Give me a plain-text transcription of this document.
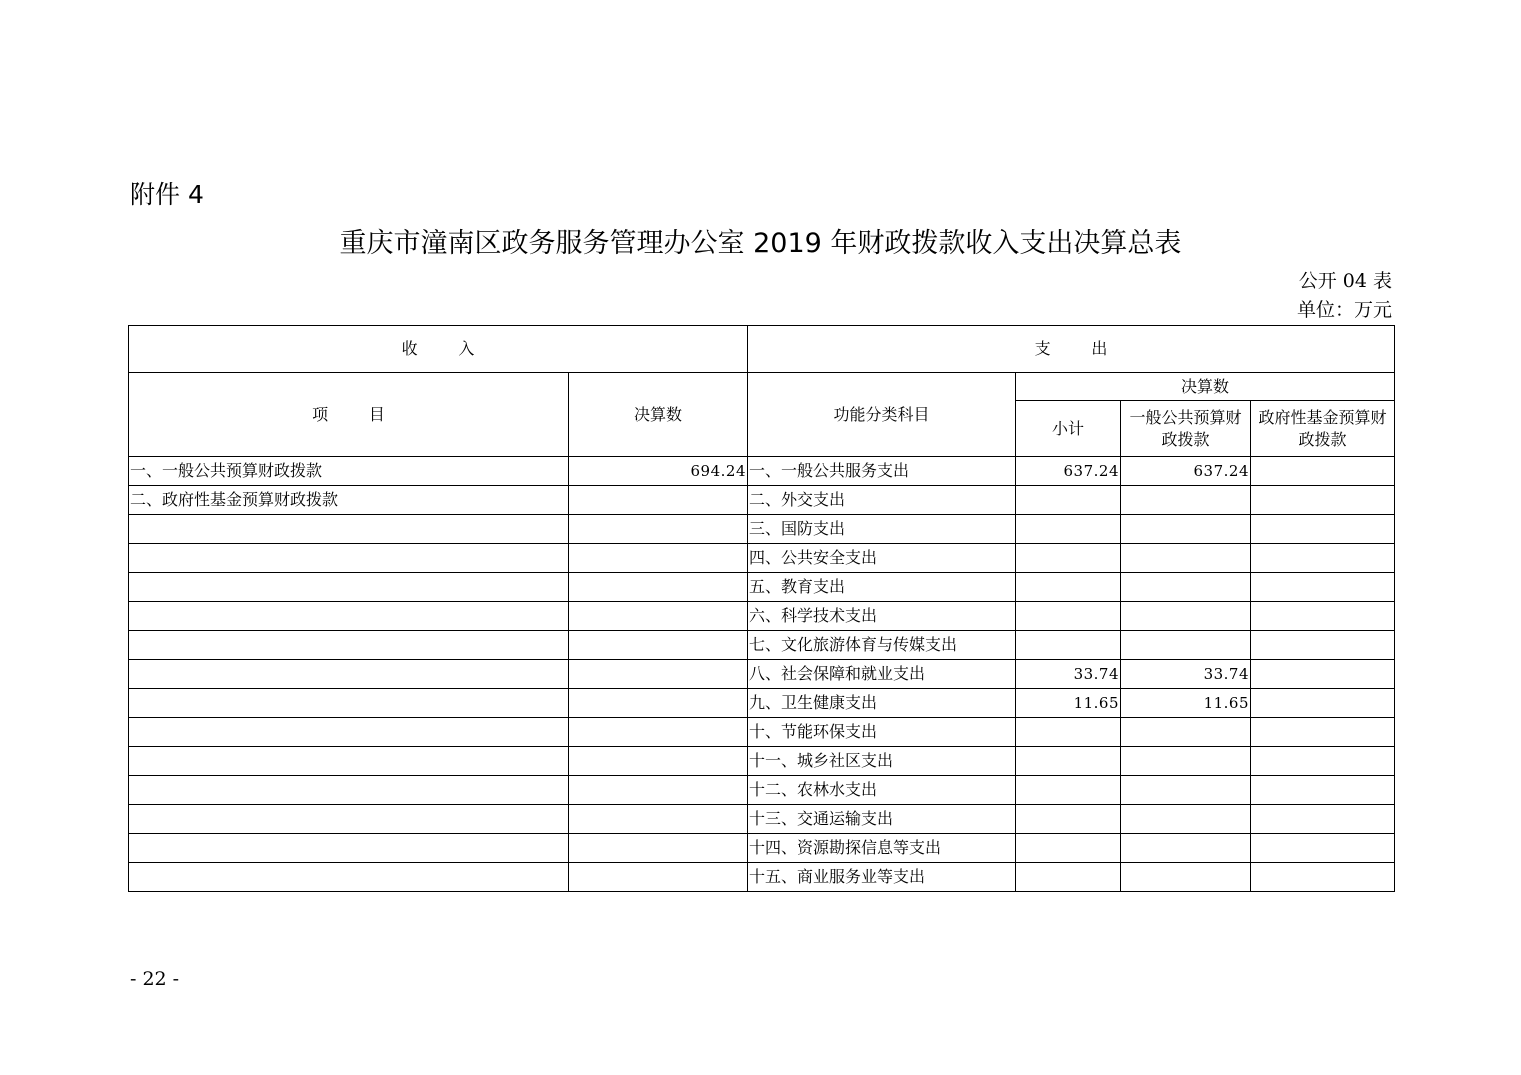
附件 4
重庆市潼南区政务服务管理办公室 2019 年财政拨款收入支出决算总表
公开 04 表
单位：万元
收        入		支        出			
项        目	决算数	功能分类科目	决算数		
			小计	一般公共预算财政拨款	政府性基金预算财政拨款
一、一般公共预算财政拨款	694.24	一、一般公共服务支出	637.24	637.24	
二、政府性基金预算财政拨款		二、外交支出			
		三、国防支出			
		四、公共安全支出			
		五、教育支出			
		六、科学技术支出			
		七、文化旅游体育与传媒支出			
		八、社会保障和就业支出	33.74	33.74	
		九、卫生健康支出	11.65	11.65	
		十、节能环保支出			
		十一、城乡社区支出			
		十二、农林水支出			
		十三、交通运输支出			
		十四、资源勘探信息等支出			
		十五、商业服务业等支出			
- 22 -
